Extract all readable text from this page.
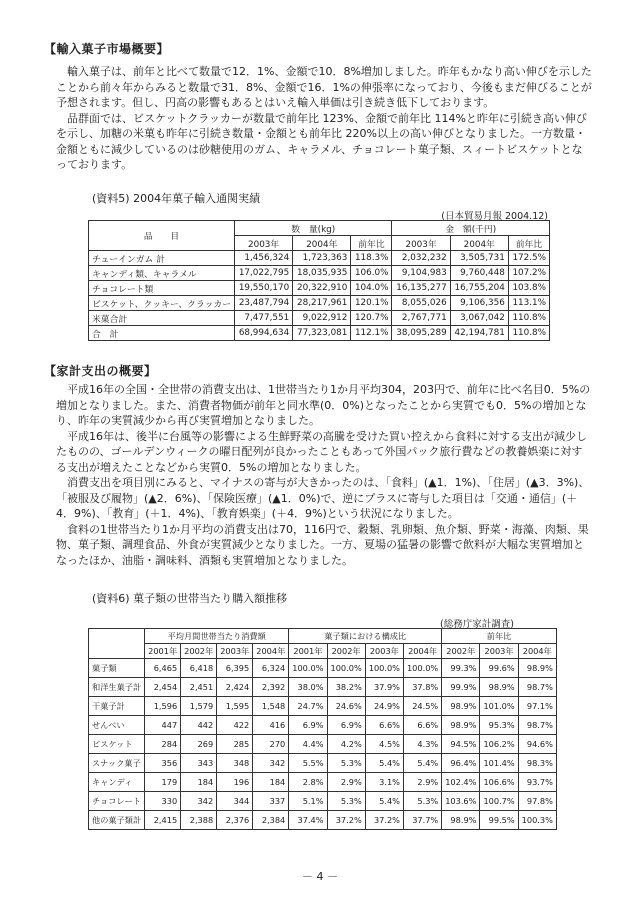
【輸入菓子市場概要】

輸入菓子は、前年と比べて数量で12．1%、金額で10．8%増加しました。昨年もかなり高い伸びを示したことから前々年からみると数量で31．8%、金額で16．1%の伸張率になっており、今後もまだ伸びることが予想されます。但し、円高の影響もあるとはいえ輸入単価は引き続き低下しております。

品群面では、ビスケットクラッカーが数量で前年比 123%、金額で前年比 114%と昨年に引続き高い伸びを示し、加糖の米菓も昨年に引続き数量・金額とも前年比 220%以上の高い伸びとなりました。一方数量・金額ともに減少しているのは砂糖使用のガム、キャラメル、チョコレート菓子類、スィートビスケットとなっております。

(資料5) 2004年菓子輸入通関実績
(日本貿易月報 2004.12)
品　　目	数　量(kg)			金　額(千円)		
	2003年	2004年	前年比	2003年	2004年	前年比
チューインガム 計	1,456,324	1,723,363	118.3%	2,032,232	3,505,731	172.5%
キャンディ類、キャラメル	17,022,795	18,035,935	106.0%	9,104,983	9,760,448	107.2%
チョコレート類	19,550,170	20,322,910	104.0%	16,135,277	16,755,204	103.8%
ビスケット、クッキー、クラッカー	23,487,794	28,217,961	120.1%	8,055,026	9,106,356	113.1%
米菓合計	7,477,551	9,022,912	120.7%	2,767,771	3,067,042	110.8%
合　計	68,994,634	77,323,081	112.1%	38,095,289	42,194,781	110.8%
【家計支出の概要】

平成16年の全国・全世帯の消費支出は、1世帯当たり1か月平均304，203円で、前年に比べ名目0．5%の増加となりました。また、消費者物価が前年と同水準(0．0%)となったことから実質でも0．5%の増加となり、昨年の実質減少から再び実質増加となりました。

平成16年は、後半に台風等の影響による生鮮野菜の高騰を受けた買い控えから食料に対する支出が減少したものの、ゴールデンウィークの曜日配列が良かったこともあって外国パック旅行費などの教養娯楽に対する支出が増えたことなどから実質0．5%の増加となりました。

消費支出を項目別にみると、マイナスの寄与が大きかったのは、「食料」(▲1．1%)、「住居」(▲3．3%)、「被服及び履物」(▲2．6%)、「保険医療」(▲1．0%)で、逆にプラスに寄与した項目は「交通・通信」(＋4．9%)、「教育」(＋1．4%)、「教育娯楽」(＋4．9%)という状況になりました。

食料の1世帯当たり1か月平均の消費支出は70，116円で、穀類、乳卵類、魚介類、野菜・海藻、肉類、果物、菓子類、調理食品、外食が実質減少となりました。一方、夏場の猛暑の影響で飲料が大幅な実質増加となったほか、油脂・調味料、酒類も実質増加となりました。

(資料6) 菓子類の世帯当たり購入額推移
(総務庁家計調査)
	平均月間世帯当たり消費額				菓子類における構成比				前年比		
	2001年	2002年	2003年	2004年	2001年	2002年	2003年	2004年	2002年	2003年	2004年
菓子類	6,465	6,418	6,395	6,324	100.0%	100.0%	100.0%	100.0%	99.3%	99.6%	98.9%
和洋生菓子計	2,454	2,451	2,424	2,392	38.0%	38.2%	37.9%	37.8%	99.9%	98.9%	98.7%
干菓子計	1,596	1,579	1,595	1,548	24.7%	24.6%	24.9%	24.5%	98.9%	101.0%	97.1%
せんべい	447	442	422	416	6.9%	6.9%	6.6%	6.6%	98.9%	95.3%	98.7%
ビスケット	284	269	285	270	4.4%	4.2%	4.5%	4.3%	94.5%	106.2%	94.6%
スナック菓子	356	343	348	342	5.5%	5.3%	5.4%	5.4%	96.4%	101.4%	98.3%
キャンディ	179	184	196	184	2.8%	2.9%	3.1%	2.9%	102.4%	106.6%	93.7%
チョコレート	330	342	344	337	5.1%	5.3%	5.4%	5.3%	103.6%	100.7%	97.8%
他の菓子類計	2,415	2,388	2,376	2,384	37.4%	37.2%	37.2%	37.7%	98.9%	99.5%	100.3%
－ 4 －
